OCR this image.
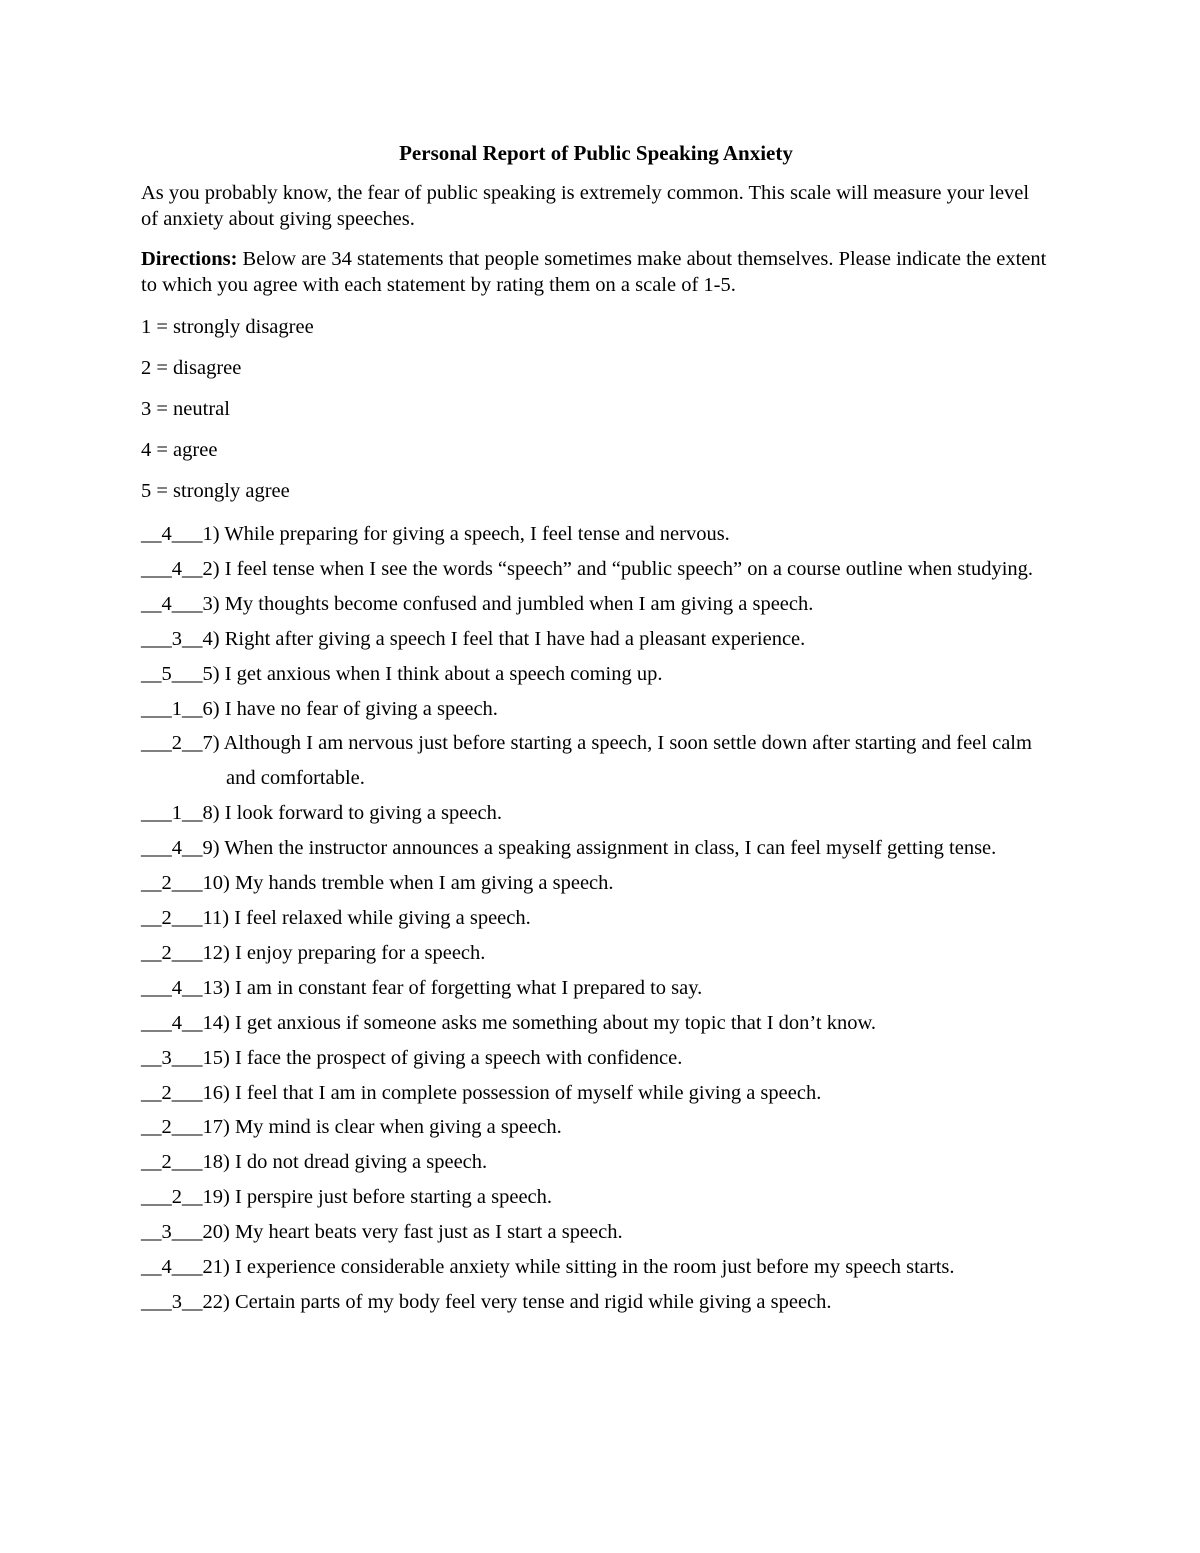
Personal Report of Public Speaking Anxiety
As you probably know, the fear of public speaking is extremely common. This scale will measure your level of anxiety about giving speeches.
Directions: Below are 34 statements that people sometimes make about themselves. Please indicate the extent to which you agree with each statement by rating them on a scale of 1-5.
1 = strongly disagree
2 = disagree
3 = neutral
4 = agree
5 = strongly agree
__4___1) While preparing for giving a speech, I feel tense and nervous.
___4__2) I feel tense when I see the words “speech” and “public speech” on a course outline when studying.
__4___3) My thoughts become confused and jumbled when I am giving a speech.
___3__4) Right after giving a speech I feel that I have had a pleasant experience.
__5___5) I get anxious when I think about a speech coming up.
___1__6) I have no fear of giving a speech.
___2__7) Although I am nervous just before starting a speech, I soon settle down after starting and feel calm and comfortable.
___1__8) I look forward to giving a speech.
___4__9) When the instructor announces a speaking assignment in class, I can feel myself getting tense.
__2___10) My hands tremble when I am giving a speech.
__2___11) I feel relaxed while giving a speech.
__2___12) I enjoy preparing for a speech.
___4__13) I am in constant fear of forgetting what I prepared to say.
___4__14) I get anxious if someone asks me something about my topic that I don’t know.
__3___15) I face the prospect of giving a speech with confidence.
__2___16) I feel that I am in complete possession of myself while giving a speech.
__2___17) My mind is clear when giving a speech.
__2___18) I do not dread giving a speech.
___2__19) I perspire just before starting a speech.
__3___20) My heart beats very fast just as I start a speech.
__4___21) I experience considerable anxiety while sitting in the room just before my speech starts.
___3__22) Certain parts of my body feel very tense and rigid while giving a speech.
